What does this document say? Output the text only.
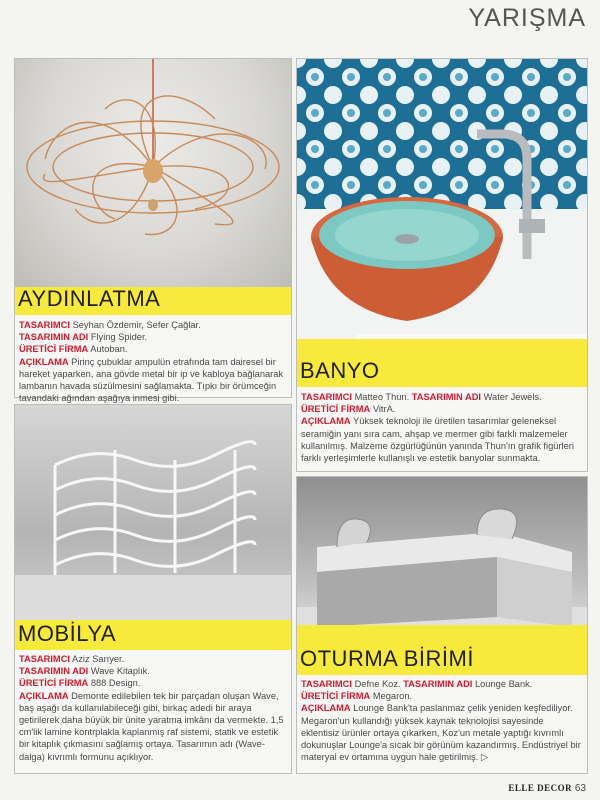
YARIŞMA
AYDINLATMA

TASARIMCI Seyhan Özdemir, Sefer Çağlar.

TASARIMIN ADI Flying Spider.

ÜRETİCİ FİRMA Autoban.

AÇIKLAMA Pirinç çubuklar ampulün etrafında tam dairesel bir hareket yaparken, ana gövde metal bir ip ve kabloya bağlanarak lambanın havada süzülmesini sağlamakta. Tıpkı bir örümceğin tavandaki ağından aşağıya inmesi gibi.

BANYO

TASARIMCI Matteo Thun. TASARIMIN ADI Water Jewels.

ÜRETİCİ FİRMA VitrA.

AÇIKLAMA Yüksek teknoloji ile üretilen tasarımlar geleneksel seramiğin yanı sıra cam, ahşap ve mermer gibi farklı malzemeler kullanılmış. Malzeme özgürlüğünün yanında Thun'ın grafik figürleri farklı yerleşimlerle kullanışlı ve estetik banyolar sunmakta.

MOBİLYA

TASARIMCI Aziz Sarıyer.

TASARIMIN ADI Wave Kitaplık.

ÜRETİCİ FİRMA 888 Design.

AÇIKLAMA Demonte edilebilen tek bir parçadan oluşan Wave, baş aşağı da kullanılabileceği gibi, birkaç adedi bir araya getirilerek daha büyük bir ünite yaratma imkânı da vermekte. 1,5 cm'lik lamine kontrplakla kaplanmış raf sistemi, statik ve estetik bir kitaplık çıkmasını sağlamış ortaya. Tasarımın adı (Wave-dalga) kıvrımlı formunu açıklıyor.

OTURMA BİRİMİ

TASARIMCI Defne Koz. TASARIMIN ADI Lounge Bank.

ÜRETİCİ FİRMA Megaron.

AÇIKLAMA Lounge Bank'ta paslanmaz çelik yeniden keşfediliyor. Megaron'un kullandığı yüksek kaynak teknolojisi sayesinde eklentisiz ürünler ortaya çıkarken, Koz'un metale yaptığı kıvrımlı dokunuşlar Lounge'a sıcak bir görünüm kazandırmış. Endüstriyel bir materyal ev ortamına uygun hale getirilmiş. ▷

ELLE DECOR 63
